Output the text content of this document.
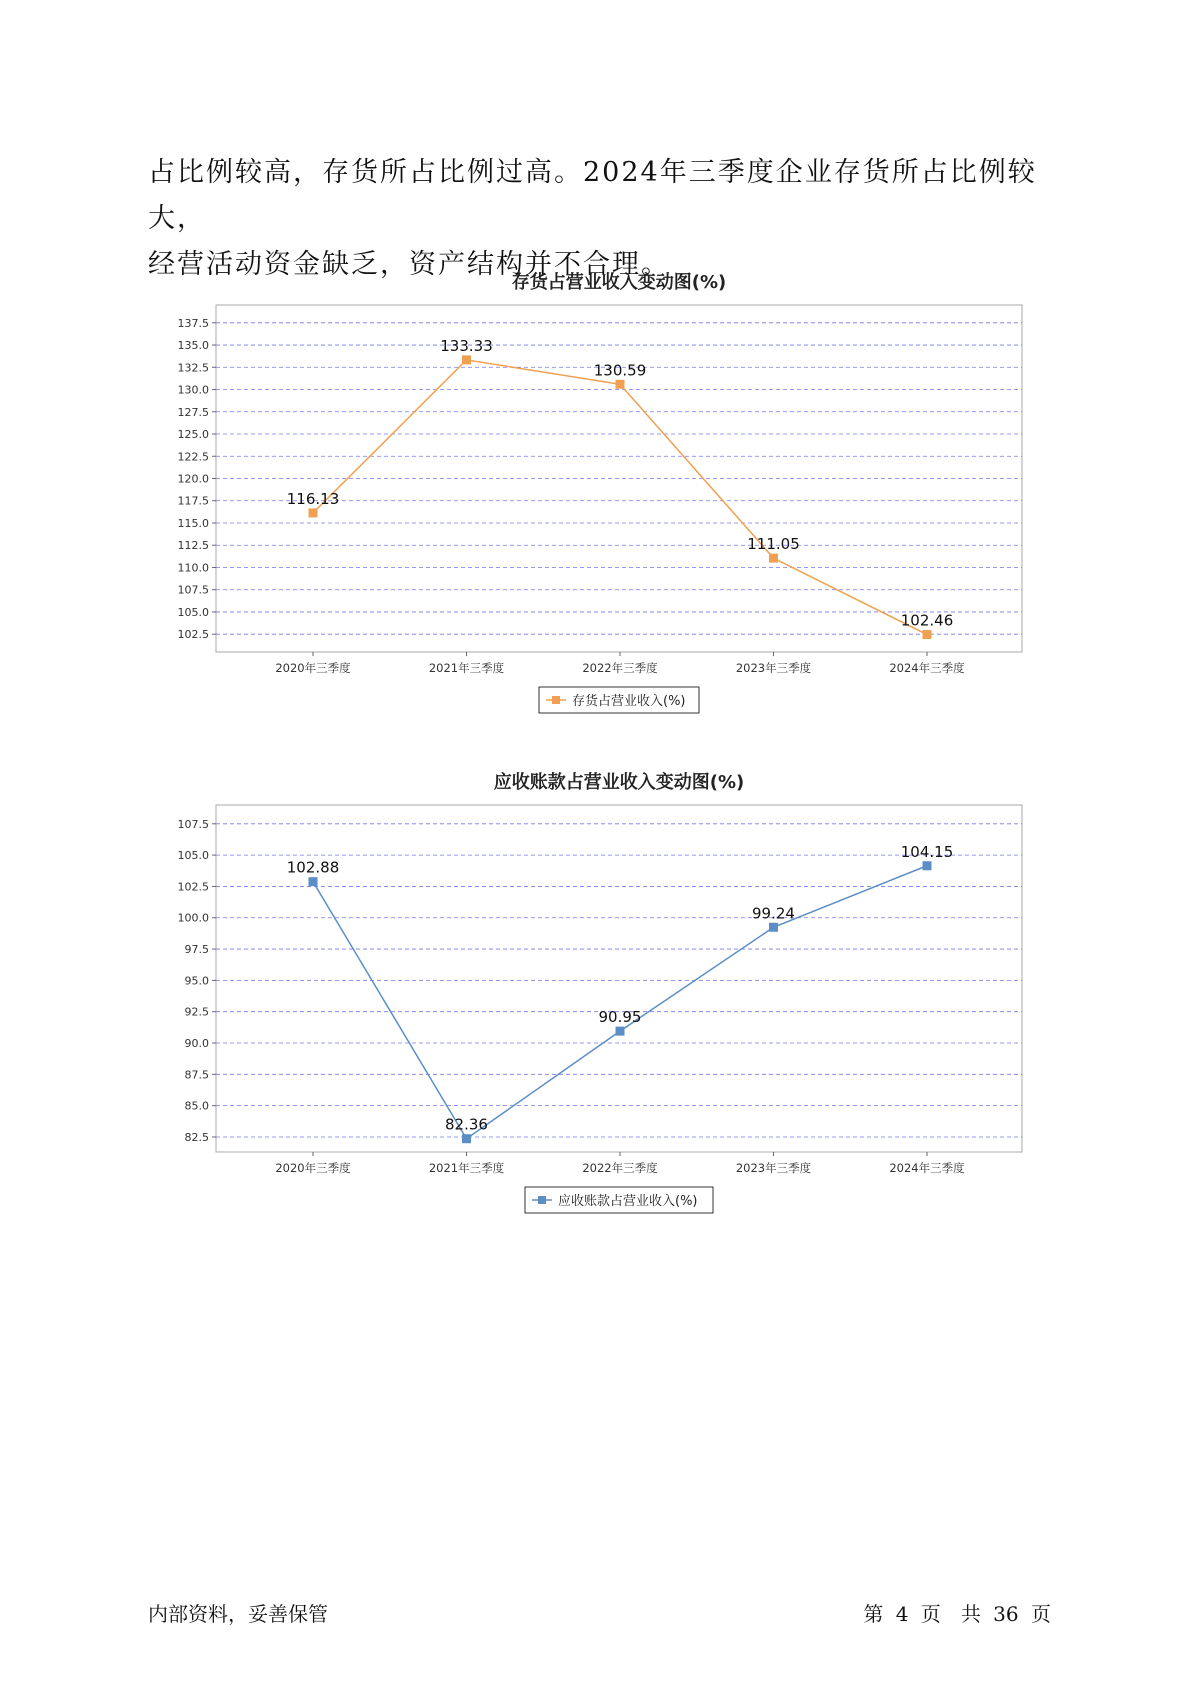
占比例较高，存货所占比例过高。2024年三季度企业存货所占比例较大，

经营活动资金缺乏，资产结构并不合理。

存货占营业收入变动图(%)
102.5
105.0
107.5
110.0
112.5
115.0
117.5
120.0
122.5
125.0
127.5
130.0
132.5
135.0
137.5
2020年三季度	2021年三季度	2022年三季度	2023年三季度	2024年三季度
116.13
133.33
130.59
111.05
102.46
存货占营业收入(%)
应收账款占营业收入变动图(%)
82.5
85.0
87.5
90.0
92.5
95.0
97.5
100.0
102.5
105.0
107.5
2020年三季度	2021年三季度	2022年三季度	2023年三季度	2024年三季度
102.88
82.36
90.95
99.24
104.15
应收账款占营业收入(%)
内部资料，妥善保管	第 4 页　共 36 页
